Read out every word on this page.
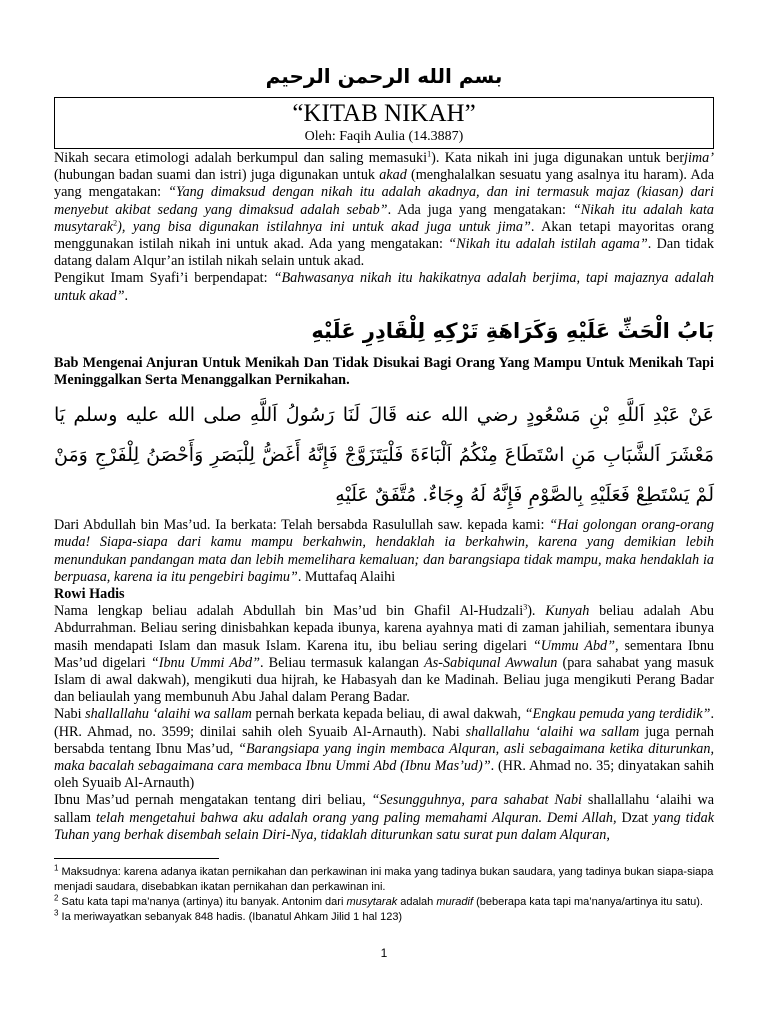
بسم الله الرحمن الرحيم
“KITAB NIKAH”
Oleh: Faqih Aulia (14.3887)

Nikah secara etimologi adalah berkumpul dan saling memasuki$^1$). Kata nikah ini juga digunakan untuk berjima’ (hubungan badan suami dan istri) juga digunakan untuk akad (menghalalkan sesuatu yang asalnya itu haram). Ada yang mengatakan: “Yang dimaksud dengan nikah itu adalah akadnya, dan ini termasuk majaz (kiasan) dari menyebut akibat sedang yang dimaksud adalah sebab”. Ada juga yang mengatakan: “Nikah itu adalah kata musytarak$^2$), yang bisa digunakan istilahnya ini untuk akad juga untuk jima”. Akan tetapi mayoritas orang menggunakan istilah nikah ini untuk akad. Ada yang mengatakan: “Nikah itu adalah istilah agama”. Dan tidak datang dalam Alqur’an istilah nikah selain untuk akad.

Pengikut Imam Syafi’i berpendapat: “Bahwasanya nikah itu hakikatnya adalah berjima, tapi majaznya adalah untuk akad”.

بَابُ الْحَثِّ عَلَيْهِ وَكَرَاهَةِ تَرْكِهِ لِلْقَادِرِ عَلَيْهِ

Bab Mengenai Anjuran Untuk Menikah Dan Tidak Disukai Bagi Orang Yang Mampu Untuk Menikah Tapi Meninggalkan Serta Menanggalkan Pernikahan.

عَنْ عَبْدِ اَللَّهِ بْنِ مَسْعُودٍ رضي الله عنه قَالَ لَنَا رَسُولُ اَللَّهِ صلى الله عليه وسلم يَا مَعْشَرَ اَلشَّبَابِ مَنِ اسْتَطَاعَ مِنْكُمُ اَلْبَاءَةَ فَلْيَتَزَوَّجْ فَإِنَّهُ أَغَضُّ لِلْبَصَرِ وَأَحْصَنُ لِلْفَرْجِ وَمَنْ لَمْ يَسْتَطِعْ فَعَلَيْهِ بِالصَّوْمِ فَإِنَّهُ لَهُ وِجَاءٌ. مُتَّفَقٌ عَلَيْهِ

Dari Abdullah bin Mas’ud. Ia berkata: Telah bersabda Rasulullah saw. kepada kami: “Hai golongan orang-orang muda! Siapa-siapa dari kamu mampu berkahwin, hendaklah ia berkahwin, karena yang demikian lebih menundukan pandangan mata dan lebih memelihara kemaluan; dan barangsiapa tidak mampu, maka hendaklah ia berpuasa, karena ia itu pengebiri bagimu”. Muttafaq Alaihi

Rowi Hadis

Nama lengkap beliau adalah Abdullah bin Mas’ud bin Ghafil Al-Hudzali$^3$). Kunyah beliau adalah Abu Abdurrahman. Beliau sering dinisbahkan kepada ibunya, karena ayahnya mati di zaman jahiliah, sementara ibunya masih mendapati Islam dan masuk Islam. Karena itu, ibu beliau sering digelari “Ummu Abd”, sementara Ibnu Mas’ud digelari “Ibnu Ummi Abd”. Beliau termasuk kalangan As-Sabiqunal Awwalun (para sahabat yang masuk Islam di awal dakwah), mengikuti dua hijrah, ke Habasyah dan ke Madinah. Beliau juga mengikuti Perang Badar dan beliaulah yang membunuh Abu Jahal dalam Perang Badar.

Nabi shallallahu ‘alaihi wa sallam pernah berkata kepada beliau, di awal dakwah, “Engkau pemuda yang terdidik”. (HR. Ahmad, no. 3599; dinilai sahih oleh Syuaib Al-Arnauth). Nabi shallallahu ‘alaihi wa sallam juga pernah bersabda tentang Ibnu Mas’ud, “Barangsiapa yang ingin membaca Alquran, asli sebagaimana ketika diturunkan, maka bacalah sebagaimana cara membaca Ibnu Ummi Abd (Ibnu Mas’ud)”. (HR. Ahmad no. 35; dinyatakan sahih oleh Syuaib Al-Arnauth)

Ibnu Mas’ud pernah mengatakan tentang diri beliau, “Sesungguhnya, para sahabat Nabi shallallahu ‘alaihi wa sallam telah mengetahui bahwa aku adalah orang yang paling memahami Alquran. Demi Allah, Dzat yang tidak Tuhan yang berhak disembah selain Diri-Nya, tidaklah diturunkan satu surat pun dalam Alquran,

$^1$ Maksudnya: karena adanya ikatan pernikahan dan perkawinan ini maka yang tadinya bukan saudara, yang tadinya bukan siapa-siapa menjadi saudara, disebabkan ikatan pernikahan dan perkawinan ini.

$^2$ Satu kata tapi ma’nanya (artinya) itu banyak. Antonim dari musytarak adalah muradif (beberapa kata tapi ma’nanya/artinya itu satu).

$^3$ Ia meriwayatkan sebanyak 848 hadis. (Ibanatul Ahkam Jilid 1 hal 123)

1
